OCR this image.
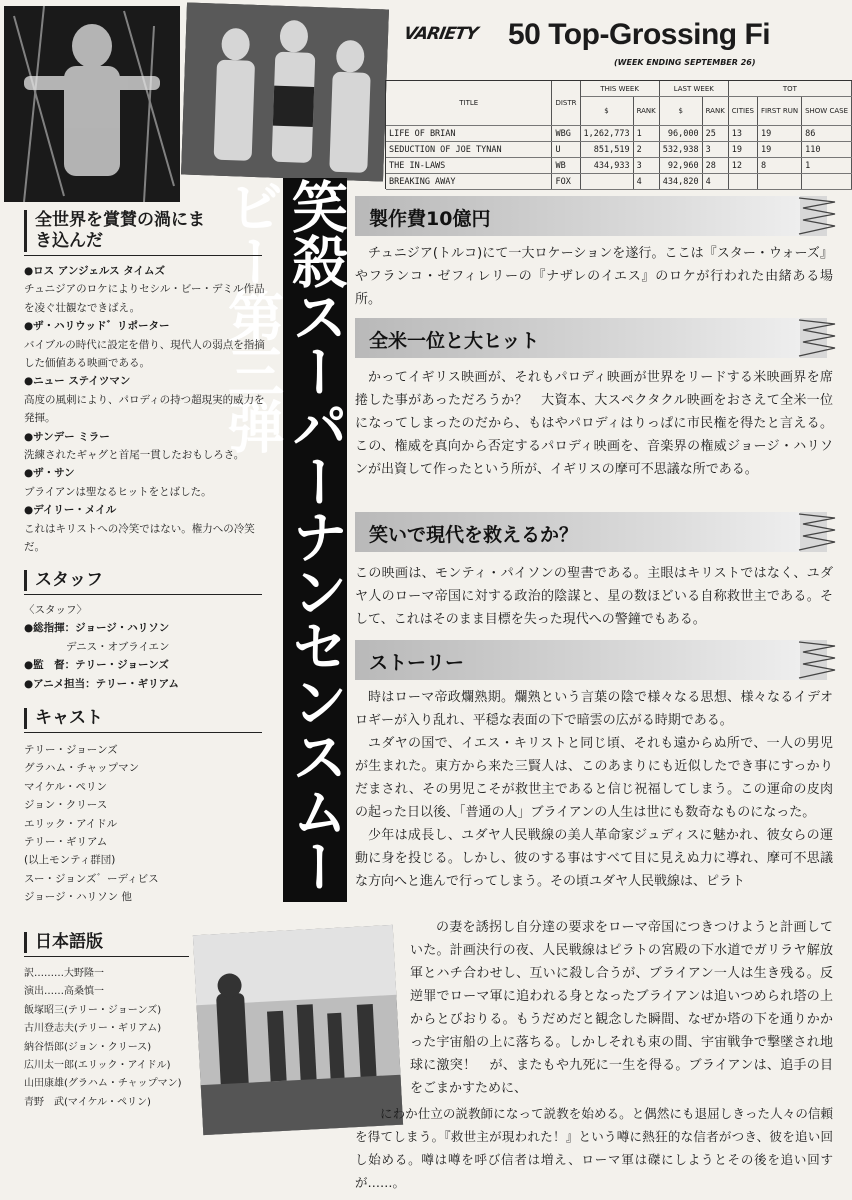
笑殺スーパーナンセンスムービー第三弾
全世界を賞賛の渦にまき込んだ
●ロス アンジェルス タイムズ
チュニジアのロケによりセシル・ビー・デミル作品を凌ぐ壮観なできばえ。
●ザ・ハリウッド゛リポーター
バイブルの時代に設定を借り、現代人の弱点を指摘した価値ある映画である。
●ニュー ステイツマン
高度の風刺により、パロディの持つ超現実的威力を発揮。
●サンデー ミラー
洗練されたギャグと首尾一貫したおもしろさ。
●ザ・サン
ブライアンは聖なるヒットをとばした。
●デイリー・メイル
これはキリストへの冷笑ではない。権力への冷笑だ。
スタッフ
〈スタッフ〉
●総指揮：ジョージ・ハリソン
　　　　デニス・オブライエン
●監　督：テリー・ジョーンズ
●アニメ担当：テリー・ギリアム
キャスト
テリー・ジョーンズ
グラハム・チャップマン
マイケル・ペリン
ジョン・クリース
エリック・アイドル
テリー・ギリアム
(以上モンティ群団)
スー・ジョンズ゛ーディビス
ジョージ・ハリソン 他
日本語版
訳………大野隆一
演出……高桑慎一
飯塚昭三(テリー・ジョーンズ)
古川登志夫(テリー・ギリアム)
納谷悟郎(ジョン・クリース)
広川太一郎(エリック・アイドル)
山田康雄(グラハム・チャップマン)
青野　武(マイケル・ペリン)
VARIETY 50 Top-Grossing Fi
(WEEK ENDING SEPTEMBER 26)
TITLE	DISTR	THIS WEEK		LAST WEEK		TOT		
		$	RANK	$	RANK	CITIES	FIRST RUN	SHOW CASE
LIFE OF BRIAN	WBG	1,262,773	1	96,000	25	13	19	86
SEDUCTION OF JOE TYNAN	U	851,519	2	532,938	3	19	19	110
THE IN-LAWS	WB	434,933	3	92,960	28	12	8	1
BREAKING AWAY	FOX		4	434,820	4			
製作費10億円

チュニジア(トルコ)にて一大ロケーションを遂行。ここは『スター・ウォーズ』やフランコ・ゼフィレリーの『ナザレのイエス』のロケが行われた由緒ある場所。

全米一位と大ヒット

かってイギリス映画が、それもパロディ映画が世界をリードする米映画界を席捲した事があっただろうか？　大資本、大スペクタクル映画をおさえて全米一位になってしまったのだから、もはやパロディはりっぱに市民権を得たと言える。この、権威を真向から否定するパロディ映画を、音楽界の権威ジョージ・ハリソンが出資して作ったという所が、イギリスの摩可不思議な所である。

笑いで現代を救えるか？

この映画は、モンティ・パイソンの聖書である。主眼はキリストではなく、ユダヤ人のローマ帝国に対する政治的陰謀と、星の数ほどいる自称救世主である。そして、これはそのまま目標を失った現代への警鐘でもある。

ストーリー

時はローマ帝政爛熟期。爛熟という言葉の陰で様々なる思想、様々なるイデオロギーが入り乱れ、平穏な表面の下で暗雲の広がる時期である。

ユダヤの国で、イエス・キリストと同じ頃、それも遠からぬ所で、一人の男児が生まれた。東方から来た三賢人は、このあまりにも近似したでき事にすっかりだまされ、その男児こそが救世主であると信じ祝福してしまう。この運命の皮肉の起った日以後、「普通の人」ブライアンの人生は世にも数奇なものになった。

少年は成長し、ユダヤ人民戦線の美人革命家ジュディスに魅かれ、彼女らの運動に身を投じる。しかし、彼のする事はすべて目に見えぬ力に導れ、摩可不思議な方向へと進んで行ってしまう。その頃ユダヤ人民戦線は、ピラト

の妻を誘拐し自分達の要求をローマ帝国につきつけようと計画していた。計画決行の夜、人民戦線はピラトの宮殿の下水道でガリラヤ解放軍とハチ合わせし、互いに殺し合うが、ブライアン一人は生き残る。反逆罪でローマ軍に追われる身となったブライアンは追いつめられ塔の上からとびおりる。もうだめだと観念した瞬間、なぜか塔の下を通りかかった宇宙船の上に落ちる。しかしそれも束の間、宇宙戦争で撃墜され地球に激突！　が、またもや九死に一生を得る。ブライアンは、追手の目をごまかすために、

にわか仕立の説教師になって説教を始める。と偶然にも退屈しきった人々の信頼を得てしまう。『救世主が現われた！』という噂に熱狂的な信者がつき、彼を追い回し始める。噂は噂を呼び信者は増え、ローマ軍は磔にしようとその後を追い回すが……。
